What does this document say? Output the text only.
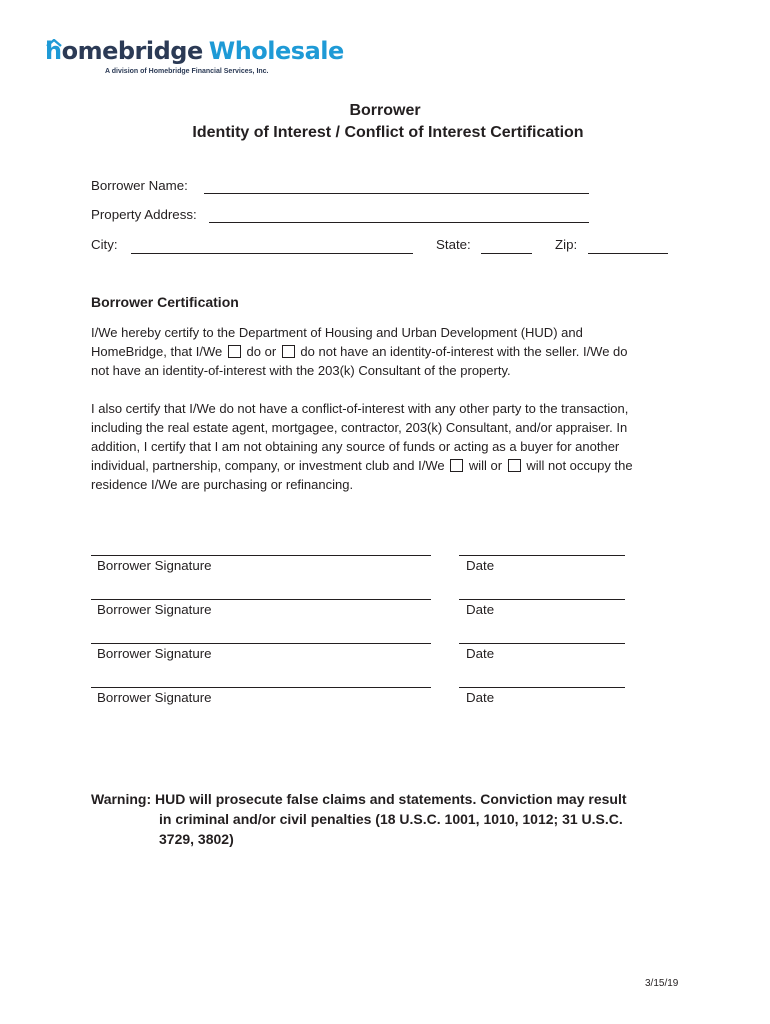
homebridge Wholesale
A division of Homebridge Financial Services, Inc.
Borrower
Identity of Interest / Conflict of Interest Certification
Borrower Name:
Property Address:
City:	State:	Zip:
Borrower Certification
I/We hereby certify to the Department of Housing and Urban Development (HUD) and
HomeBridge, that I/We do or do not have an identity-of-interest with the seller. I/We do
not have an identity-of-interest with the 203(k) Consultant of the property.
I also certify that I/We do not have a conflict-of-interest with any other party to the transaction,
including the real estate agent, mortgagee, contractor, 203(k) Consultant, and/or appraiser. In
addition, I certify that I am not obtaining any source of funds or acting as a buyer for another
individual, partnership, company, or investment club and I/We will or will not occupy the
residence I/We are purchasing or refinancing.
Borrower Signature	Date
Borrower Signature	Date
Borrower Signature	Date
Borrower Signature	Date
Warning: HUD will prosecute false claims and statements. Conviction may result
in criminal and/or civil penalties (18 U.S.C. 1001, 1010, 1012; 31 U.S.C.
3729, 3802)
3/15/19
